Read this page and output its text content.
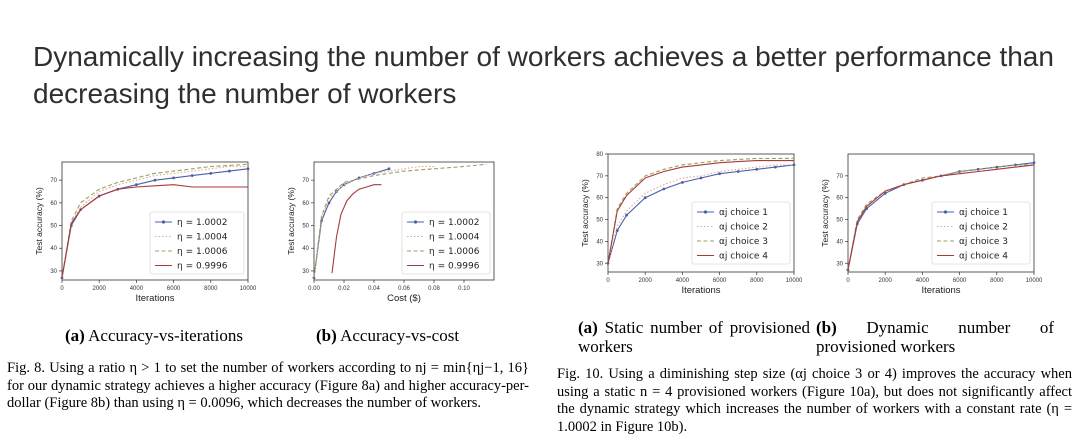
Dynamically increasing the number of workers achieves a better performance than decreasing the number of workers
0	2000	4000	6000	8000	10000
30
40
50
60
70
Iterations
Test accuracy (%)	η = 1.0002
η = 1.0004
η = 1.0006
η = 0.9996
0.00	0.02	0.04	0.06	0.08	0.10
30
40
50
60
70
Cost ($)
Test accuracy (%)	η = 1.0002
η = 1.0004
η = 1.0006
η = 0.9996
0	2000	4000	6000	8000	10000
30
40
50
60
70
80
Iterations
Test accuracy (%)	αj choice 1
αj choice 2
αj choice 3
αj choice 4
0	2000	4000	6000	8000	10000
30
40
50
60
70
Iterations
Test accuracy (%)	αj choice 1
αj choice 2
αj choice 3
αj choice 4
(a) Accuracy-vs-iterations	(b) Accuracy-vs-cost	(a) Static number of provisioned workers
(b) Dynamic number of provisioned workers
Fig. 8. Using a ratio η > 1 to set the number of workers according to nj = min{ηj−1, 16} for our dynamic strategy achieves a higher accuracy (Figure 8a) and higher accuracy-per-dollar (Figure 8b) than using η = 0.0096, which decreases the number of workers.
Fig. 10. Using a diminishing step size (αj choice 3 or 4) improves the accuracy when using a static n = 4 provisioned workers (Figure 10a), but does not significantly affect the dynamic strategy which increases the number of workers with a constant rate (η = 1.0002 in Figure 10b).
